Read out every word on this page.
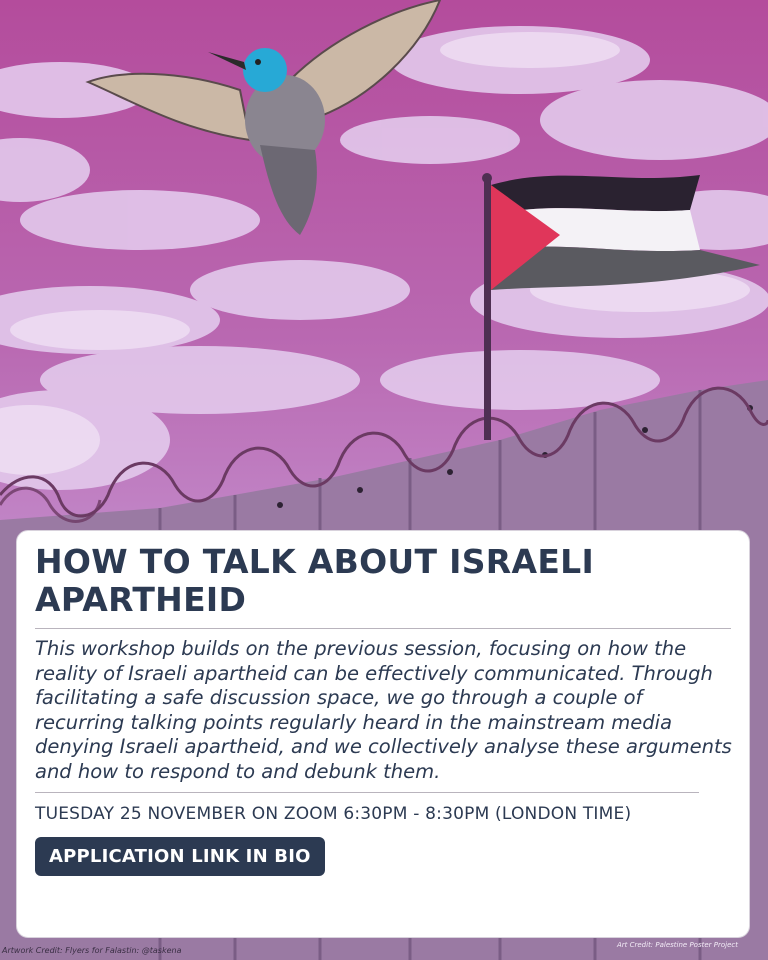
HOW TO TALK ABOUT ISRAELI APARTHEID

This workshop builds on the previous session, focusing on how the reality of Israeli apartheid can be effectively communicated. Through facilitating a safe discussion space, we go through a couple of recurring talking points regularly heard in the mainstream media denying Israeli apartheid, and we collectively analyse these arguments and how to respond to and debunk them.

TUESDAY 25 NOVEMBER ON ZOOM 6:30PM - 8:30PM (LONDON TIME)
APPLICATION LINK IN BIO
Artwork Credit: Flyers for Falastin: @taskena
Art Credit: Palestine Poster Project
